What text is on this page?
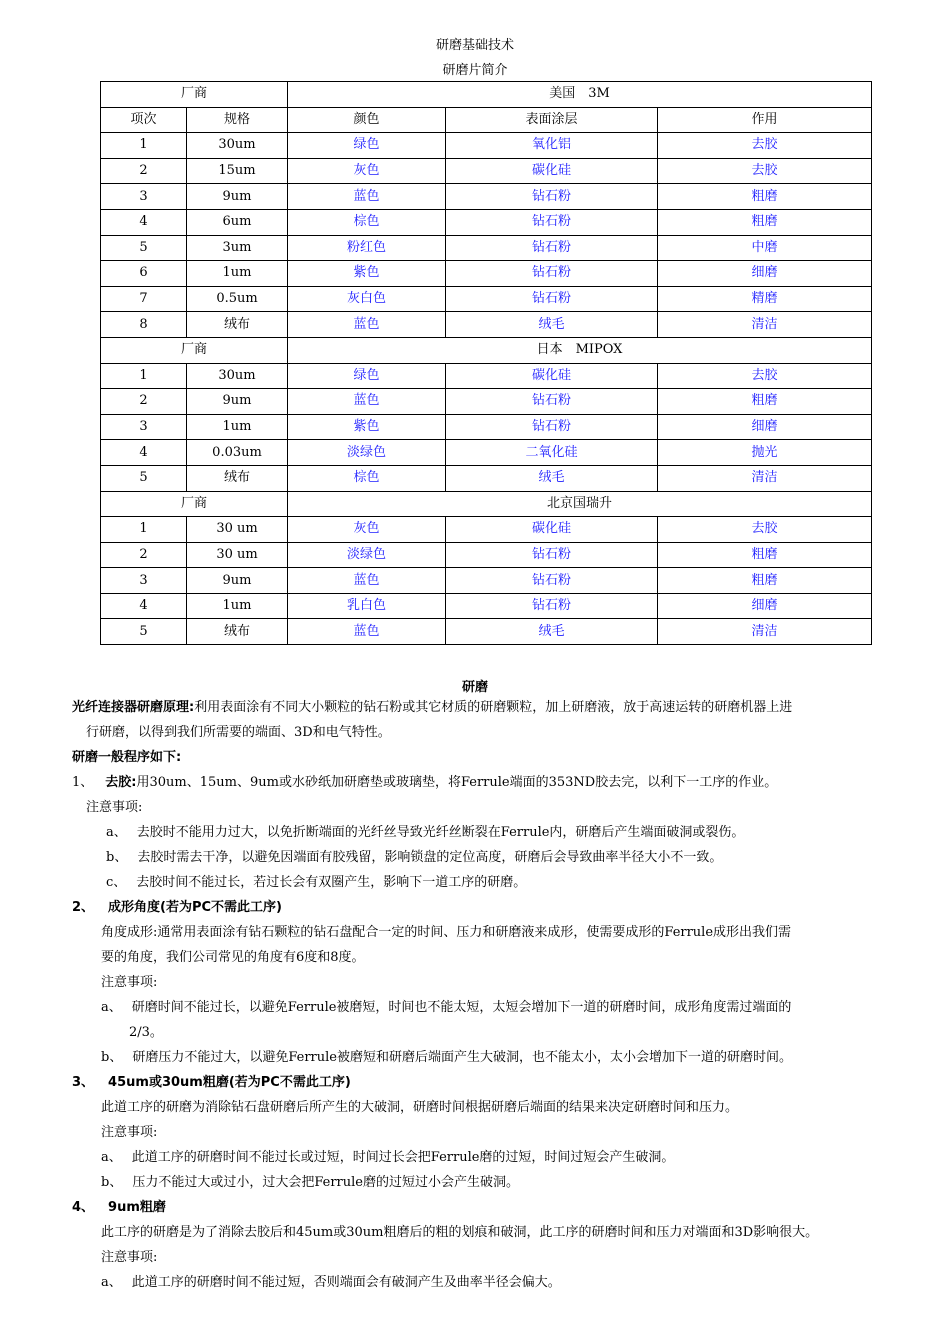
研磨基础技术
研磨片简介
厂商		美国　3M		
项次	规格	颜色	表面涂层	作用
1	30um	绿色	氧化铝	去胶
2	15um	灰色	碳化硅	去胶
3	9um	蓝色	钻石粉	粗磨
4	6um	棕色	钻石粉	粗磨
5	3um	粉红色	钻石粉	中磨
6	1um	紫色	钻石粉	细磨
7	0.5um	灰白色	钻石粉	精磨
8	绒布	蓝色	绒毛	清洁
厂商		日本　MIPOX		
1	30um	绿色	碳化硅	去胶
2	9um	蓝色	钻石粉	粗磨
3	1um	紫色	钻石粉	细磨
4	0.03um	淡绿色	二氧化硅	抛光
5	绒布	棕色	绒毛	清洁
厂商		北京国瑞升		
1	30 um	灰色	碳化硅	去胶
2	30 um	淡绿色	钻石粉	粗磨
3	9um	蓝色	钻石粉	粗磨
4	1um	乳白色	钻石粉	细磨
5	绒布	蓝色	绒毛	清洁
研磨
光纤连接器研磨原理:利用表面涂有不同大小颗粒的钻石粉或其它材质的研磨颗粒，加上研磨液，放于高速运转的研磨机器上进
行研磨，以得到我们所需要的端面、3D和电气特性。
研磨一般程序如下:
1、 去胶:用30um、15um、9um或水砂纸加研磨垫或玻璃垫，将Ferrule端面的353ND胶去完，以利下一工序的作业。
注意事项:
a、 去胶时不能用力过大，以免折断端面的光纤丝导致光纤丝断裂在Ferrule内，研磨后产生端面破洞或裂伤。
b、 去胶时需去干净，以避免因端面有胶残留，影响锁盘的定位高度，研磨后会导致曲率半径大小不一致。
c、 去胶时间不能过长，若过长会有双圈产生，影响下一道工序的研磨。
2、 成形角度(若为PC不需此工序)
角度成形:通常用表面涂有钻石颗粒的钻石盘配合一定的时间、压力和研磨液来成形，使需要成形的Ferrule成形出我们需
要的角度，我们公司常见的角度有6度和8度。
注意事项:
a、 研磨时间不能过长，以避免Ferrule被磨短，时间也不能太短，太短会增加下一道的研磨时间，成形角度需过端面的
2/3。
b、 研磨压力不能过大，以避免Ferrule被磨短和研磨后端面产生大破洞，也不能太小，太小会增加下一道的研磨时间。
3、 45um或30um粗磨(若为PC不需此工序)
此道工序的研磨为消除钻石盘研磨后所产生的大破洞，研磨时间根据研磨后端面的结果来决定研磨时间和压力。
注意事项:
a、 此道工序的研磨时间不能过长或过短，时间过长会把Ferrule磨的过短，时间过短会产生破洞。
b、 压力不能过大或过小，过大会把Ferrule磨的过短过小会产生破洞。
4、 9um粗磨
此工序的研磨是为了消除去胶后和45um或30um粗磨后的粗的划痕和破洞，此工序的研磨时间和压力对端面和3D影响很大。
注意事项:
a、 此道工序的研磨时间不能过短，否则端面会有破洞产生及曲率半径会偏大。
